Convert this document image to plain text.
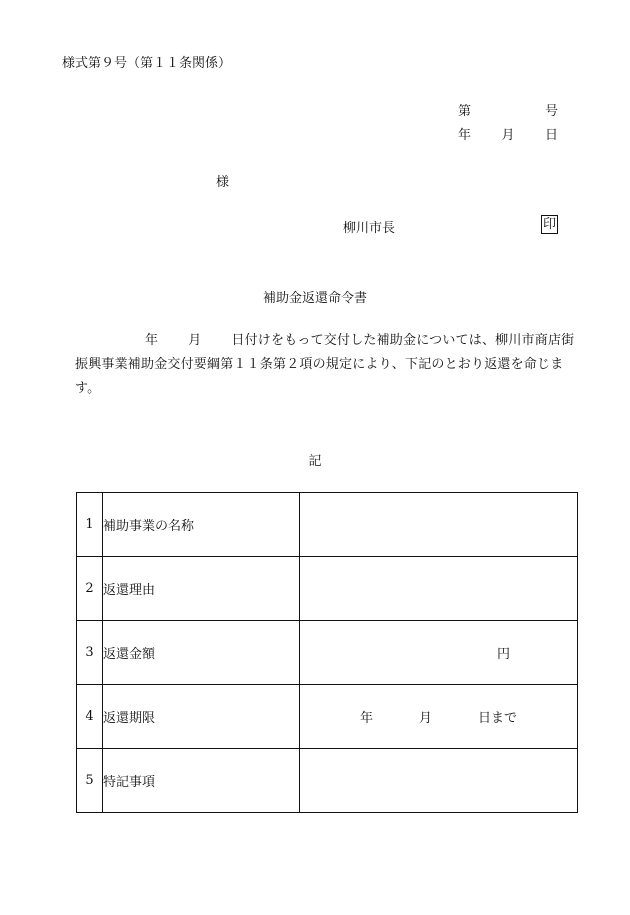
様式第９号（第１１条関係）
第	号
年 月 日
様
柳川市長	印
補助金返還命令書
年 月 日付けをもって交付した補助金については、柳川市商店街振興事業補助金交付要綱第１１条第２項の規定により、下記のとおり返還を命じます。
記
1	補助事業の名称	
2	返還理由	
3	返還金額	円
4	返還期限	年 月 日まで
5	特記事項	
